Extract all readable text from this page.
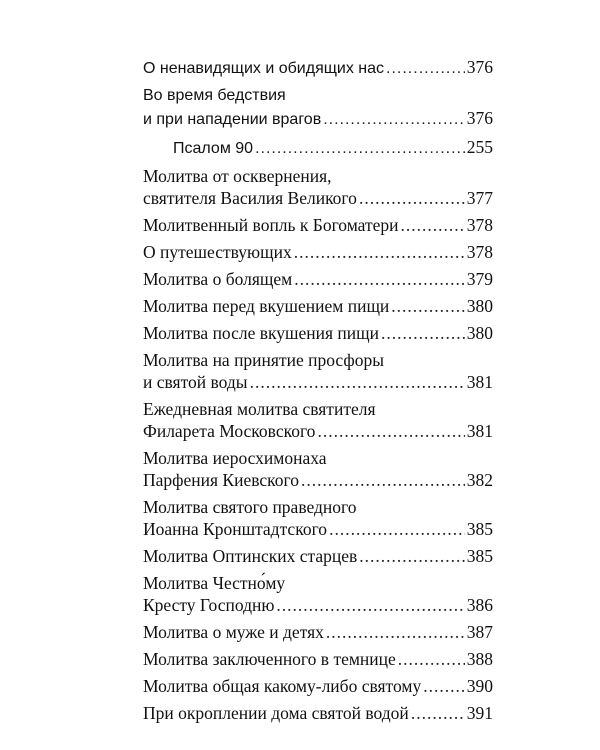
О ненавидящих и обидящих нас .....	376
Во время бедствия
и при нападении врагов .....	376
Псалом 90 .....	255
Молитва от осквернения,
святителя Василия Великого .....	377
Молитвенный вопль к Богоматери .....	378
О путешествующих .....	378
Молитва о болящем .....	379
Молитва перед вкушением пищи .....	380
Молитва после вкушения пищи .....	380
Молитва на принятие просфоры
и святой воды .....	381
Ежедневная молитва святителя
Филарета Московского .....	381
Молитва иеросхимонаха
Парфения Киевского .....	382
Молитва святого праведного
Иоанна Кронштадтского .....	385
Молитва Оптинских старцев .....	385
Молитва Честно́му
Кресту Господню .....	386
Молитва о муже и детях .....	387
Молитва заключенного в темнице .....	388
Молитва общая какому-либо святому .....	390
При окроплении дома святой водой .....	391
